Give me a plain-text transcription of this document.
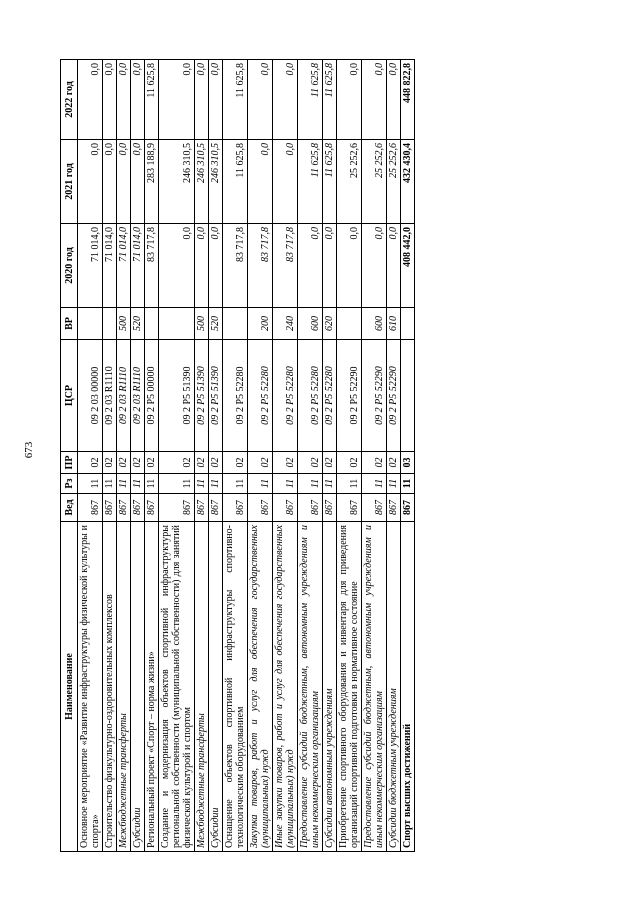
673
Наименование	Вед	Рз	ПР	ЦСР	ВР	2020 год	2021 год	2022 год
Основное мероприятие «Развитие инфраструктуры физической культуры и спорта»	867	11	02	09 2 03 00000		71 014,0	0,0	0,0
Строительство физкультурно-оздоровительных комплексов	867	11	02	09 2 03 R1110		71 014,0	0,0	0,0
Межбюджетные трансферты	867	11	02	09 2 03 R1110	500	71 014,0	0,0	0,0
Субсидии	867	11	02	09 2 03 R1110	520	71 014,0	0,0	0,0
Региональный проект «Спорт – норма жизни»	867	11	02	09 2 P5 00000		83 717,8	283 188,9	11 625,8
Создание и модернизация объектов спортивной инфраструктуры региональной собственности (муниципальной собственности) для занятий физической культурой и спортом	867	11	02	09 2 P5 51390		0,0	246 310,5	0,0
Межбюджетные трансферты	867	11	02	09 2 P5 51390	500	0,0	246 310,5	0,0
Субсидии	867	11	02	09 2 P5 51390	520	0,0	246 310,5	0,0
Оснащение объектов спортивной инфраструктуры спортивно-технологическим оборудованием	867	11	02	09 2 P5 52280		83 717,8	11 625,8	11 625,8
Закупка товаров, работ и услуг для обеспечения государственных (муниципальных) нужд	867	11	02	09 2 P5 52280	200	83 717,8	0,0	0,0
Иные закупки товаров, работ и услуг для обеспечения государственных (муниципальных) нужд	867	11	02	09 2 P5 52280	240	83 717,8	0,0	0,0
Предоставление субсидий бюджетным, автономным учреждениям и иным некоммерческим организациям	867	11	02	09 2 P5 52280	600	0,0	11 625,8	11 625,8
Субсидии автономным учреждениям	867	11	02	09 2 P5 52280	620	0,0	11 625,8	11 625,8
Приобретение спортивного оборудования и инвентаря для приведения организаций спортивной подготовки в нормативное состояние	867	11	02	09 2 P5 52290		0,0	25 252,6	0,0
Предоставление субсидий бюджетным, автономным учреждениям и иным некоммерческим организациям	867	11	02	09 2 P5 52290	600	0,0	25 252,6	0,0
Субсидии бюджетным учреждениям	867	11	02	09 2 P5 52290	610	0,0	25 252,6	0,0
Спорт высших достижений	867	11	03			408 442,0	432 430,4	448 822,8
